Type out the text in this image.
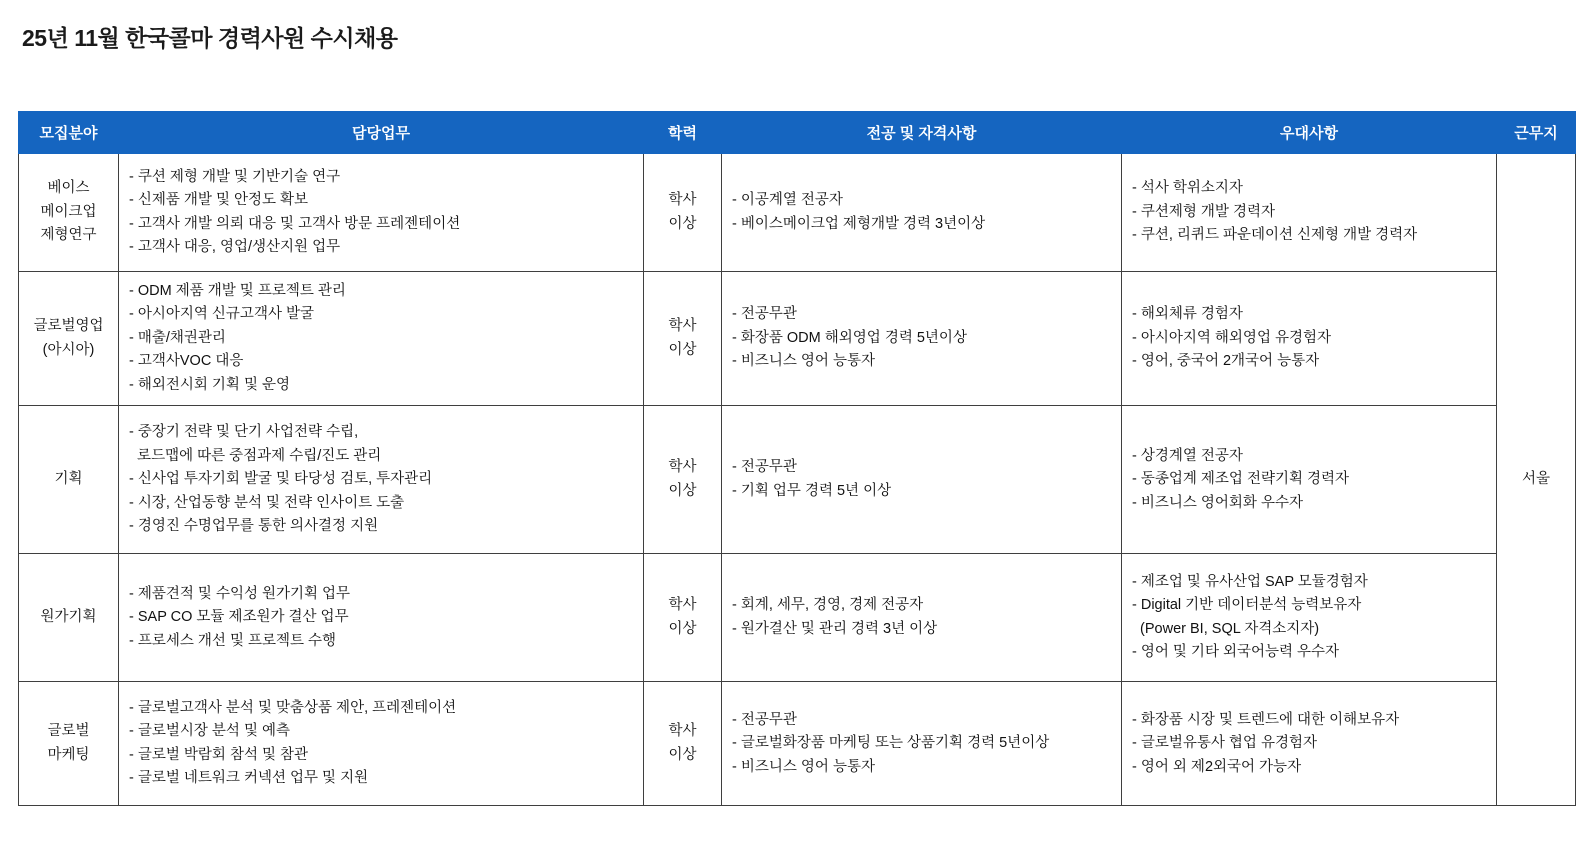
25년 11월 한국콜마 경력사원 수시채용
모집분야	담당업무	학력	전공 및 자격사항	우대사항	근무지
베이스
메이크업
제형연구	
- 쿠션 제형 개발 및 기반기술 연구
- 신제품 개발 및 안정도 확보
- 고객사 개발 의뢰 대응 및 고객사 방문 프레젠테이션
- 고객사 대응, 영업/생산지원 업무
	학사
이상	
- 이공계열 전공자
- 베이스메이크업 제형개발 경력 3년이상

- 석사 학위소지자
- 쿠션제형 개발 경력자
- 쿠션, 리퀴드 파운데이션 신제형 개발 경력자
	서울
글로벌영업
(아시아)	
- ODM 제품 개발 및 프로젝트 관리
- 아시아지역 신규고객사 발굴
- 매출/채권관리
- 고객사VOC 대응
- 해외전시회 기획 및 운영
	학사
이상	
- 전공무관
- 화장품 ODM 해외영업 경력 5년이상
- 비즈니스 영어 능통자

- 해외체류 경험자
- 아시아지역 해외영업 유경험자
- 영어, 중국어 2개국어 능통자

기획	
- 중장기 전략 및 단기 사업전략 수립,
로드맵에 따른 중점과제 수립/진도 관리
- 신사업 투자기회 발굴 및 타당성 검토, 투자관리
- 시장, 산업동향 분석 및 전략 인사이트 도출
- 경영진 수명업무를 통한 의사결정 지원
	학사
이상	
- 전공무관
- 기획 업무 경력 5년 이상

- 상경계열 전공자
- 동종업계 제조업 전략기획 경력자
- 비즈니스 영어회화 우수자

원가기획	
- 제품견적 및 수익성 원가기획 업무
- SAP CO 모듈 제조원가 결산 업무
- 프로세스 개선 및 프로젝트 수행
	학사
이상	
- 회계, 세무, 경영, 경제 전공자
- 원가결산 및 관리 경력 3년 이상

- 제조업 및 유사산업 SAP 모듈경험자
- Digital 기반 데이터분석 능력보유자
(Power BI, SQL 자격소지자)
- 영어 및 기타 외국어능력 우수자

글로벌
마케팅	
- 글로벌고객사 분석 및 맞춤상품 제안, 프레젠테이션
- 글로벌시장 분석 및 예측
- 글로벌 박람회 참석 및 참관
- 글로벌 네트워크 커넥션 업무 및 지원
	학사
이상	
- 전공무관
- 글로벌화장품 마케팅 또는 상품기획 경력 5년이상
- 비즈니스 영어 능통자

- 화장품 시장 및 트렌드에 대한 이해보유자
- 글로벌유통사 협업 유경험자
- 영어 외 제2외국어 가능자
